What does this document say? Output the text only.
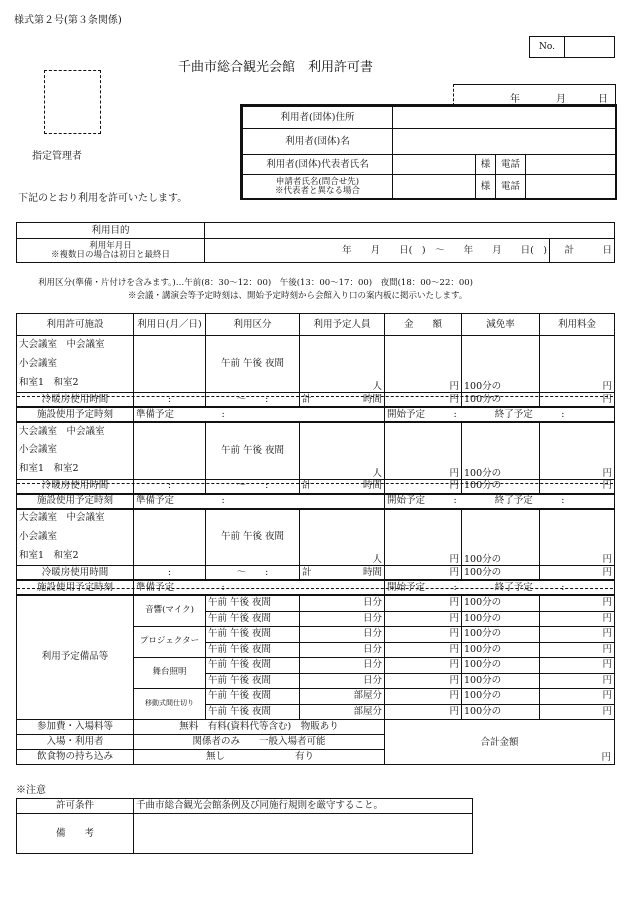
様式第２号(第３条関係)
No.
千曲市総合観光会館　利用許可書
指定管理者
年	月	日
利用者(団体)住所				
利用者(団体)名				
利用者(団体)代表者氏名		様	電話	
申請者氏名(問合せ先)
※代表者と異なる場合		様	電話	
下記のとおり利用を許可いたします。
利用目的		
利用年月日
※複数日の場合は初日と最終日	年　　月　　日(　)　～　　年　　月　　日(　)	計　　　日
利用区分(準備・片付けを含みます。)…午前(8：30～12：00)　午後(13：00～17：00)　夜間(18：00～22：00)
※会議・講演会等予定時刻は、開始予定時刻から会館入り口の案内板に掲示いたします。
利用許可施設	利用日(月／日)	利用区分	利用予定人員	金　　額	減免率	利用料金
大会議室　中会議室		午前 午後 夜間	人	円	100分の	円
小会議室						
和室1　和室2						
冷暖房使用時間	:	～　　 :	計 時間	円	100分の	円
施設使用予定時刻	準備予定　　　　　 :			開始予定　　　 :　　　　 終了予定　　　 :		
大会議室　中会議室		午前 午後 夜間	人	円	100分の	円
小会議室						
和室1　和室2						
冷暖房使用時間	:	～　　 :	計 時間	円	100分の	円
施設使用予定時刻	準備予定　　　　　 :			開始予定　　　 :　　　　 終了予定　　　 :		
大会議室　中会議室		午前 午後 夜間	人	円	100分の	円
小会議室						
和室1　和室2						
冷暖房使用時間	:	～　　 :	計 時間	円	100分の	円
施設使用予定時刻	準備予定　　　　　 :			開始予定　　　 :　　　　 終了予定　　　 :		
利用予定備品等	音響(マイク)	午前 午後 夜間	日分	円	100分の	円
		午前 午後 夜間	日分	円	100分の	円
	プロジェクター	午前 午後 夜間	日分	円	100分の	円
		午前 午後 夜間	日分	円	100分の	円
	舞台照明	午前 午後 夜間	日分	円	100分の	円
		午前 午後 夜間	日分	円	100分の	円
	移動式間仕切り	午前 午後 夜間	部屋分	円	100分の	円
		午前 午後 夜間	部屋分	円	100分の	円
参加費・入場料等	無料　有料(資料代等含む)　物販あり			合計金額
円		

入場・利用者	関係者のみ　　一般入場者可能					
飲食物の持ち込み	無し 有り					
※注意
許可条件	千曲市総合観光会館条例及び同施行規則を厳守すること。
備　　考	
